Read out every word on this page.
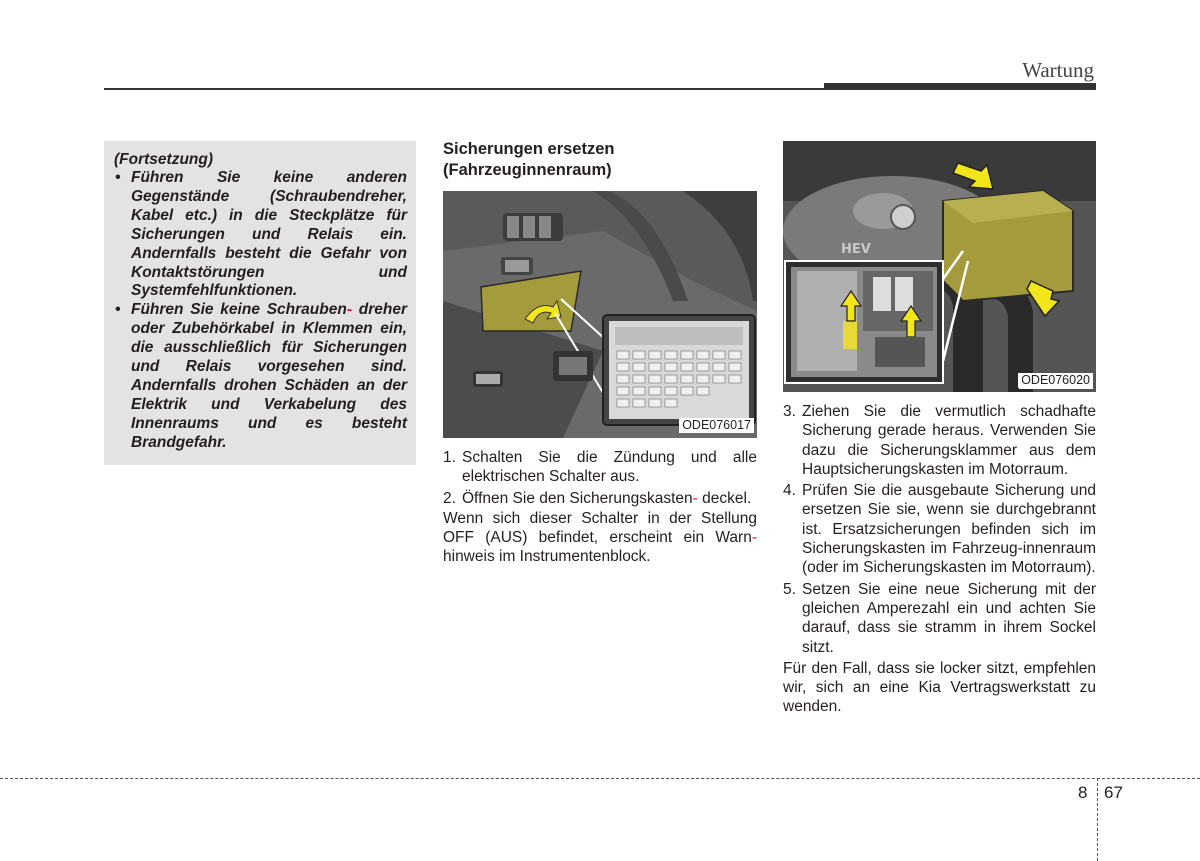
Wartung
(Fortsetzung)
• Führen Sie keine anderen Gegenstände (Schraubendreher, Kabel etc.) in die Steckplätze für Sicherungen und Relais ein. Andernfalls besteht die Gefahr von Kontaktstörungen und Systemfehlfunktionen.
• Führen Sie keine Schrauben- dreher oder Zubehörkabel in Klemmen ein, die ausschließlich für Sicherungen und Relais vorgesehen sind. Andernfalls drohen Schäden an der Elektrik und Verkabelung des Innenraums und es besteht Brandgefahr.
Sicherungen ersetzen
(Fahrzeuginnenraum)
ODE076017
1. Schalten Sie die Zündung und alle elektrischen Schalter aus.
2. Öffnen Sie den Sicherungskasten- deckel.
Wenn sich dieser Schalter in der Stellung OFF (AUS) befindet, erscheint ein Warn- hinweis im Instrumentenblock.
HEV
ODE076020
3. Ziehen Sie die vermutlich schadhafte Sicherung gerade heraus. Verwenden Sie dazu die Sicherungsklammer aus dem Hauptsicherungskasten im Motorraum.
4. Prüfen Sie die ausgebaute Sicherung und ersetzen Sie sie, wenn sie durchgebrannt ist. Ersatzsicherungen befinden sich im Sicherungskasten im Fahrzeug-innenraum (oder im Sicherungskasten im Motorraum).
5. Setzen Sie eine neue Sicherung mit der gleichen Amperezahl ein und achten Sie darauf, dass sie stramm in ihrem Sockel sitzt.
Für den Fall, dass sie locker sitzt, empfehlen wir, sich an eine Kia Vertragswerkstatt zu wenden.
8 67
